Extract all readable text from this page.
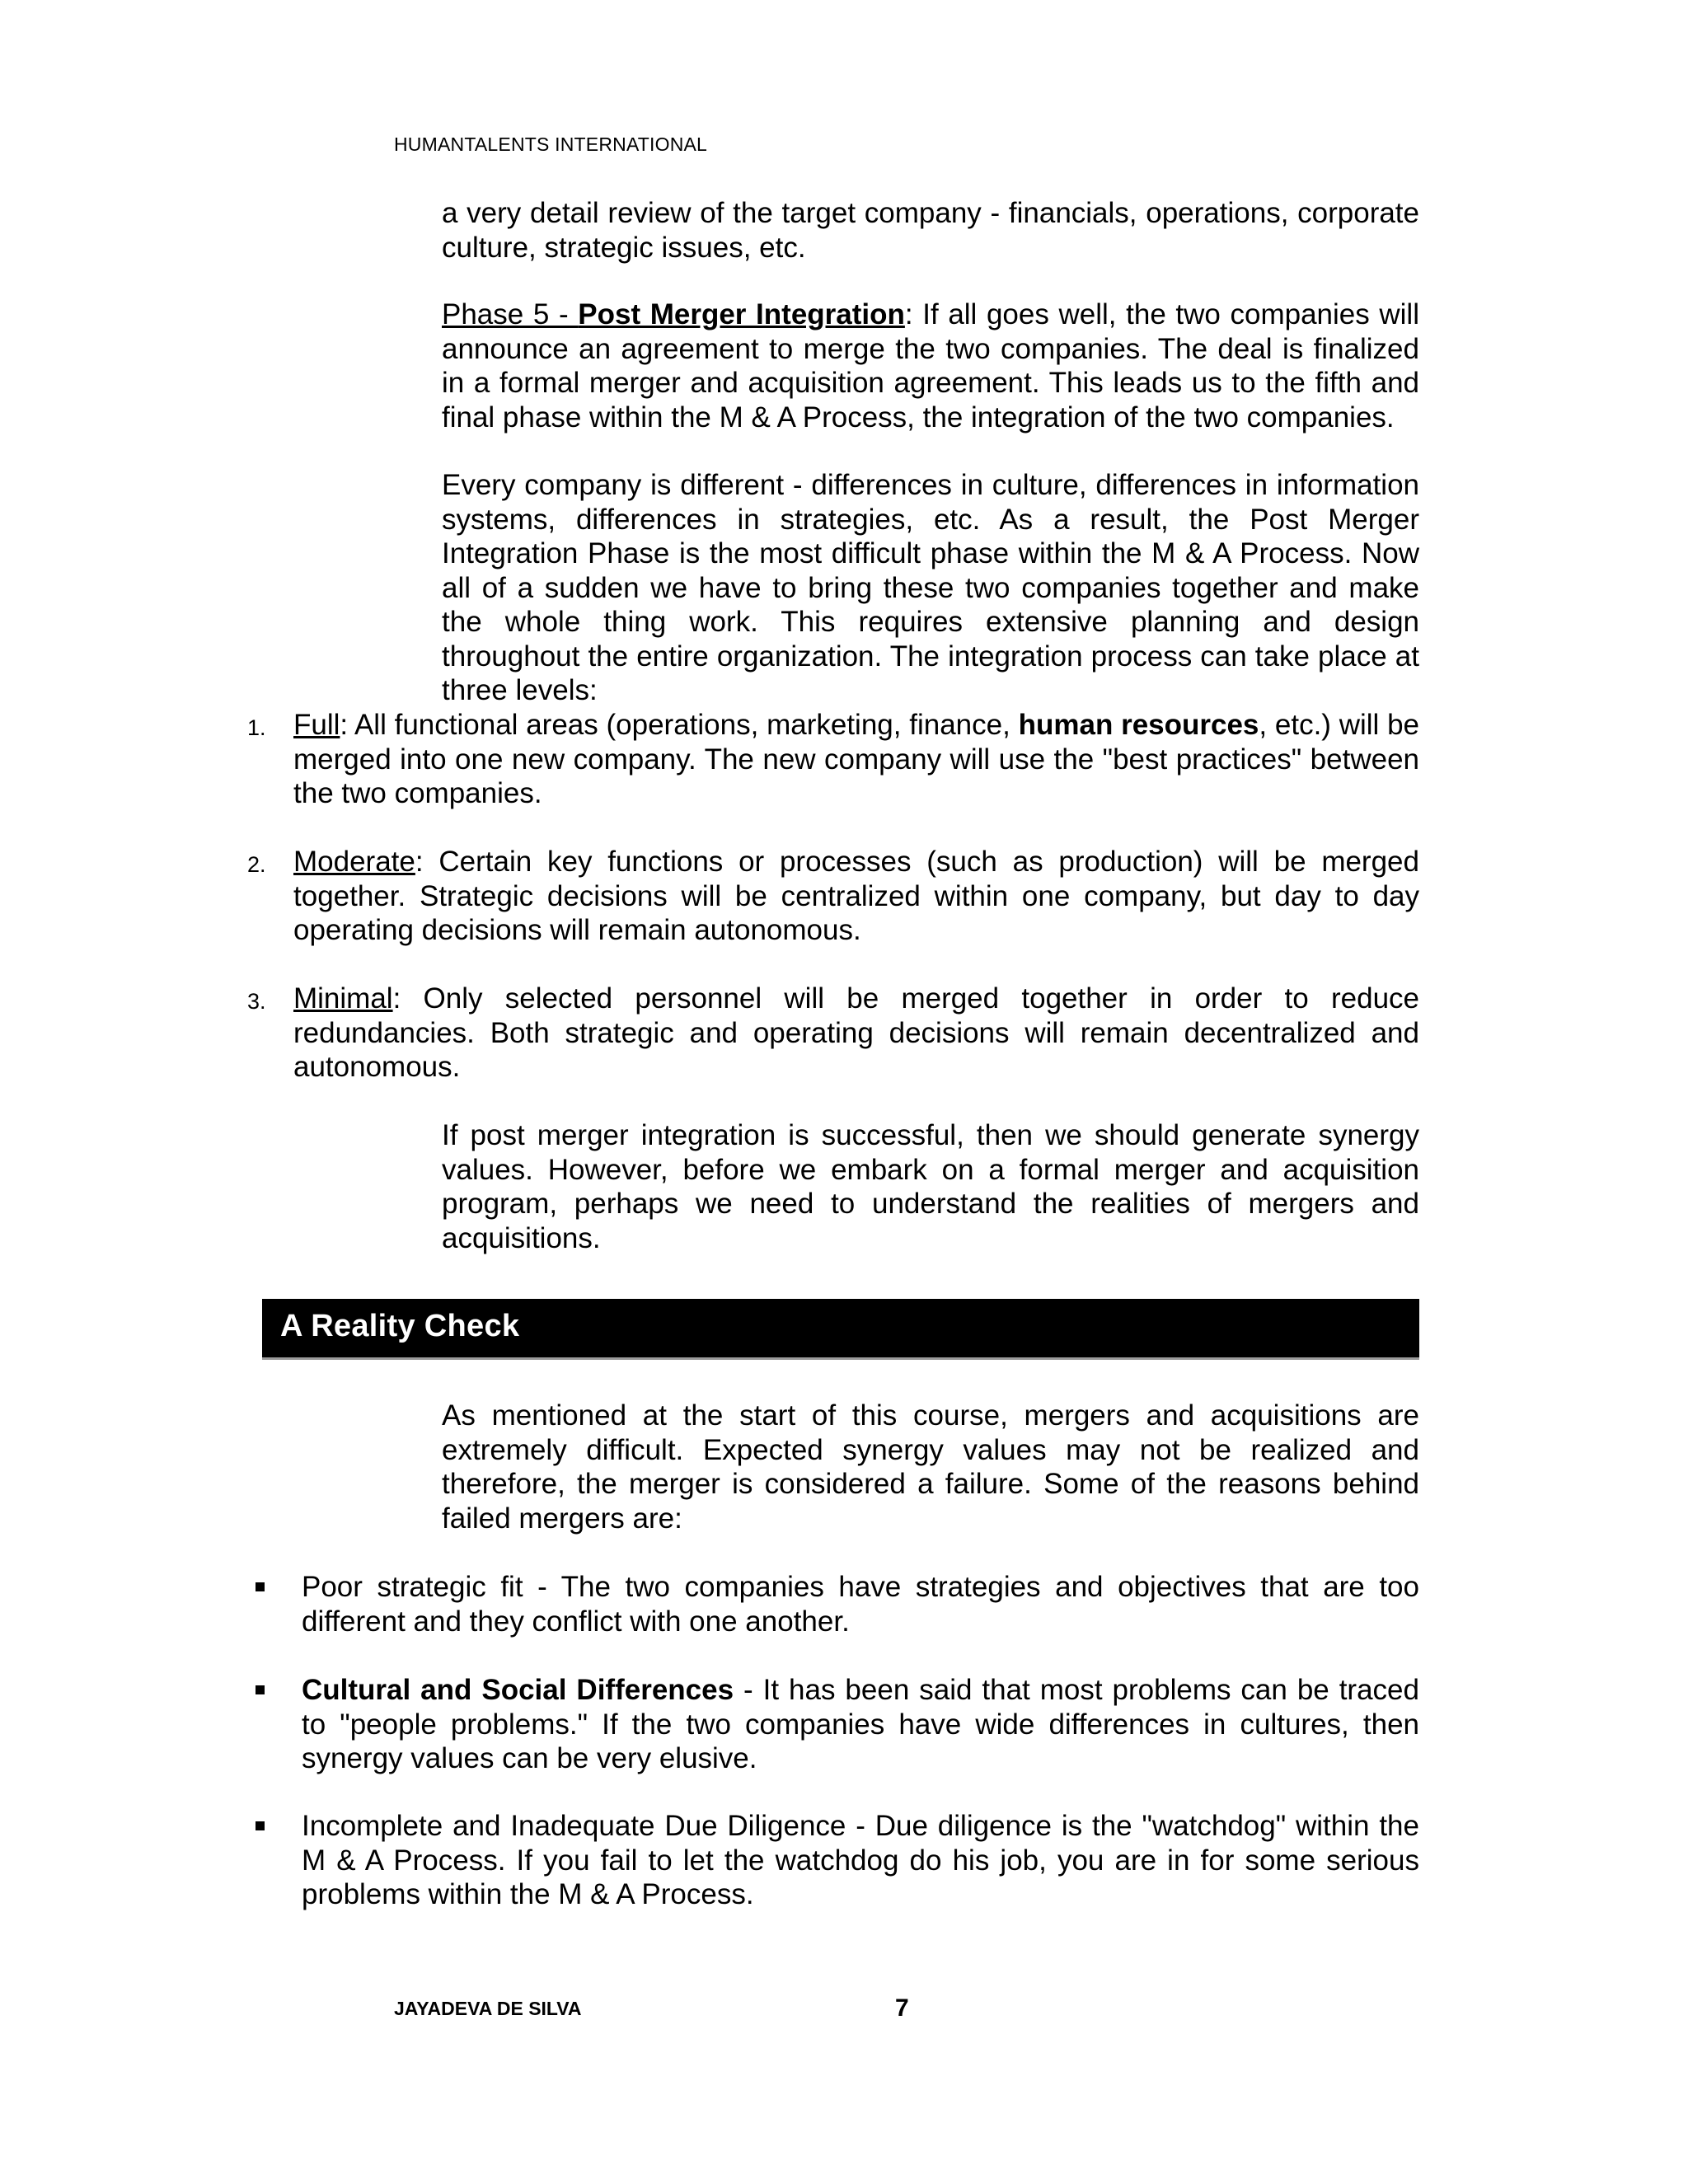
HUMANTALENTS INTERNATIONAL

a very detail review of the target company - financials, operations, corporate culture, strategic issues, etc.

Phase 5 - Post Merger Integration: If all goes well, the two companies will announce an agreement to merge the two companies. The deal is finalized in a formal merger and acquisition agreement. This leads us to the fifth and final phase within the M & A Process, the integration of the two companies.

Every company is different - differences in culture, differences in information systems, differences in strategies, etc. As a result, the Post Merger Integration Phase is the most difficult phase within the M & A Process. Now all of a sudden we have to bring these two companies together and make the whole thing work. This requires extensive planning and design throughout the entire organization. The integration process can take place at three levels:

1. Full: All functional areas (operations, marketing, finance, human resources, etc.) will be merged into one new company. The new company will use the "best practices" between the two companies.
2. Moderate: Certain key functions or processes (such as production) will be merged together. Strategic decisions will be centralized within one company, but day to day operating decisions will remain autonomous.
3. Minimal: Only selected personnel will be merged together in order to reduce redundancies. Both strategic and operating decisions will remain decentralized and autonomous.

If post merger integration is successful, then we should generate synergy values. However, before we embark on a formal merger and acquisition program, perhaps we need to understand the realities of mergers and acquisitions.

A Reality Check

As mentioned at the start of this course, mergers and acquisitions are extremely difficult. Expected synergy values may not be realized and therefore, the merger is considered a failure. Some of the reasons behind failed mergers are:

Poor strategic fit - The two companies have strategies and objectives that are too different and they conflict with one another.
Cultural and Social Differences - It has been said that most problems can be traced to "people problems." If the two companies have wide differences in cultures, then synergy values can be very elusive.
Incomplete and Inadequate Due Diligence - Due diligence is the "watchdog" within the M & A Process. If you fail to let the watchdog do his job, you are in for some serious problems within the M & A Process.
JAYADEVA DE SILVA	7
